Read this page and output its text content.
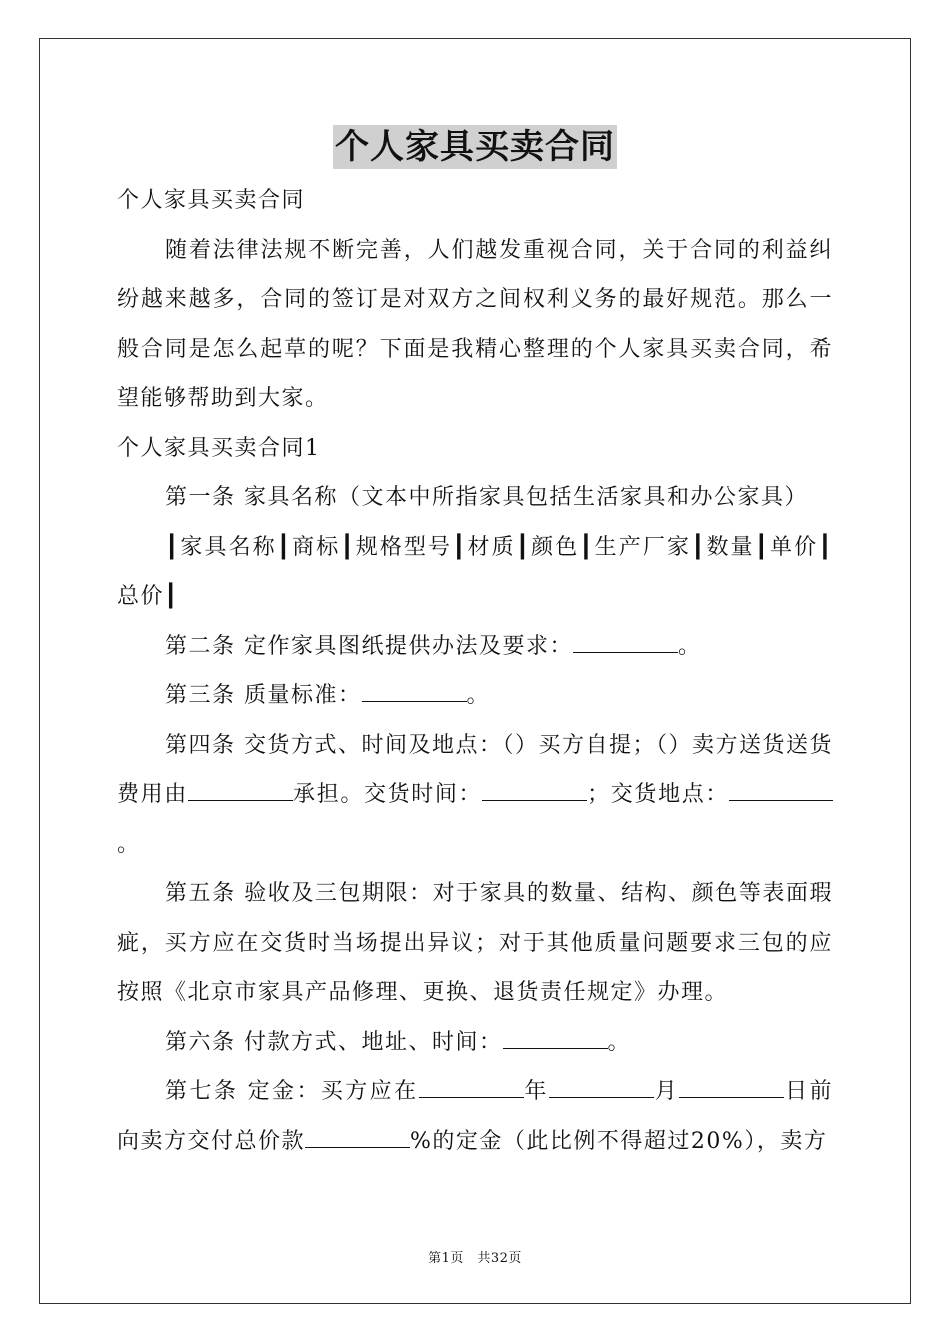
个人家具买卖合同

个人家具买卖合同

随着法律法规不断完善，人们越发重视合同，关于合同的利益纠纷越来越多，合同的签订是对双方之间权利义务的最好规范。那么一般合同是怎么起草的呢？下面是我精心整理的个人家具买卖合同，希望能够帮助到大家。

个人家具买卖合同1

第一条 家具名称（文本中所指家具包括生活家具和办公家具）

┃家具名称┃商标┃规格型号┃材质┃颜色┃生产厂家┃数量┃单价┃总价┃

第二条 定作家具图纸提供办法及要求：	。

第三条 质量标准：	。

第四条 交货方式、时间及地点：（）买方自提；（）卖方送货送货费用由	承担。交货时间：	；交货地点：。

第五条 验收及三包期限：对于家具的数量、结构、颜色等表面瑕疵，买方应在交货时当场提出异议；对于其他质量问题要求三包的应按照《北京市家具产品修理、更换、退货责任规定》办理。

第六条 付款方式、地址、时间：	。

第七条 定金：买方应在	年	月	日前向卖方交付总价款	%的定金（此比例不得超过20%），卖方

第1页　共32页
